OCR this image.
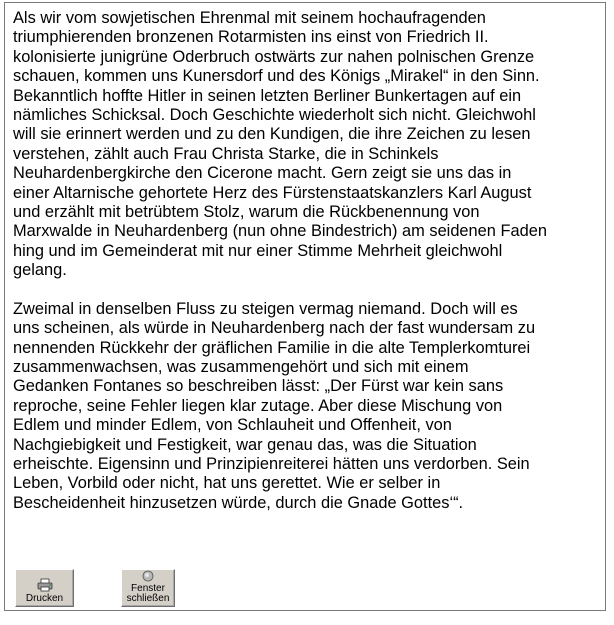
Als wir vom sowjetischen Ehrenmal mit seinem hochaufragenden
triumphierenden bronzenen Rotarmisten ins einst von Friedrich II.
kolonisierte junigrüne Oderbruch ostwärts zur nahen polnischen Grenze
schauen, kommen uns Kunersdorf und des Königs „Mirakel“ in den Sinn.
Bekanntlich hoffte Hitler in seinen letzten Berliner Bunkertagen auf ein
nämliches Schicksal. Doch Geschichte wiederholt sich nicht. Gleichwohl
will sie erinnert werden und zu den Kundigen, die ihre Zeichen zu lesen
verstehen, zählt auch Frau Christa Starke, die in Schinkels
Neuhardenbergkirche den Cicerone macht. Gern zeigt sie uns das in
einer Altarnische gehortete Herz des Fürstenstaatskanzlers Karl August
und erzählt mit betrübtem Stolz, warum die Rückbenennung von
Marxwalde in Neuhardenberg (nun ohne Bindestrich) am seidenen Faden
hing und im Gemeinderat mit nur einer Stimme Mehrheit gleichwohl
gelang.

Zweimal in denselben Fluss zu steigen vermag niemand. Doch will es
uns scheinen, als würde in Neuhardenberg nach der fast wundersam zu
nennenden Rückkehr der gräflichen Familie in die alte Templerkomturei
zusammenwachsen, was zusammengehört und sich mit einem
Gedanken Fontanes so beschreiben lässt: „Der Fürst war kein sans
reproche, seine Fehler liegen klar zutage. Aber diese Mischung von
Edlem und minder Edlem, von Schlauheit und Offenheit, von
Nachgiebigkeit und Festigkeit, war genau das, was die Situation
erheischte. Eigensinn und Prinzipienreiterei hätten uns verdorben. Sein
Leben, Vorbild oder nicht, hat uns gerettet. Wie er selber in
Bescheidenheit hinzusetzen würde, durch die Gnade Gottes‘“.

Drucken
Fenster
schließen
